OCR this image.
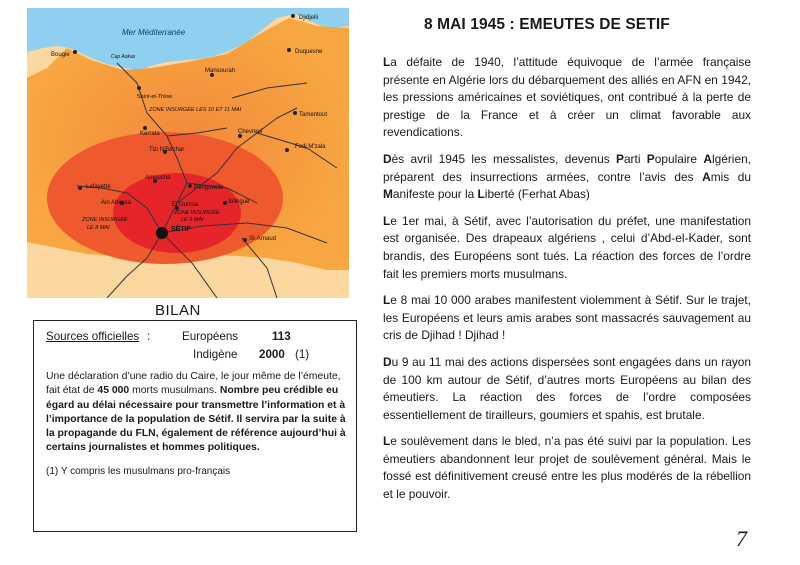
Mer Méditerranée
Bougie
Djidjelli
Duquesne
Cap Aokas
Mansourah
Saint-et-Thiise
ZONE INSURGÉE LES 10 ET 11 MAI
Tamentout
Kerrata	Chevreul
Tizi N'Béchar	Fedj M'zala
Amoucha
Lafayette	Périgotville
Ain Abessa	El Ouricia	Sillègue
ZONE INSURGÉE
LE 9 MAI
ZONE INSURGÉE
LE 8 MAI	SÉTIF
St-Arnaud
BILAN
Sources officielles :	Européens	113
Indigène 2000 (1)
Une déclaration d’une radio du Caire, le jour même de l’émeute, fait état de 45 000 morts musulmans. Nombre peu crédible eu égard au délai nécessaire pour transmettre l’information et à l’importance de la population de Sétif. Il servira par la suite à la propagande du FLN, également de référence aujourd’hui à certains journalistes et hommes politiques.
(1) Y compris les musulmans pro-français
8 MAI 1945 : EMEUTES DE SETIF

La défaite de 1940, l’attitude équivoque de l’armée française présente en Algérie lors du débarquement des alliés en AFN en 1942, les pressions américaines et soviétiques, ont contribué à la perte de prestige de la France et à créer un climat favorable aux revendications.

Dès avril 1945 les messalistes, devenus Parti Populaire Algérien, préparent des insurrections armées, contre l’avis des Amis du Manifeste pour la Liberté (Ferhat Abas)

Le 1er mai, à Sétif, avec l’autorisation du préfet, une manifestation est organisée. Des drapeaux algériens , celui d’Abd-el-Kader, sont brandis, des Européens sont tués. La réaction des forces de l’ordre fait les premiers morts musulmans.

Le 8 mai 10 000 arabes manifestent violemment à Sétif. Sur le trajet, les Européens et leurs amis arabes sont massacrés sauvagement au cris de Djihad ! Djihad !

Du 9 au 11 mai des actions dispersées sont engagées dans un rayon de 100 km autour de Sétif, d’autres morts Européens au bilan des émeutiers. La réaction des forces de l’ordre composées essentiellement de tirailleurs, goumiers et spahis, est brutale.

Le soulèvement dans le bled, n’a pas été suivi par la population. Les émeutiers abandonnent leur projet de soulèvement général. Mais le fossé est définitivement creusé entre les plus modérés de la rébellion et le pouvoir.

7
